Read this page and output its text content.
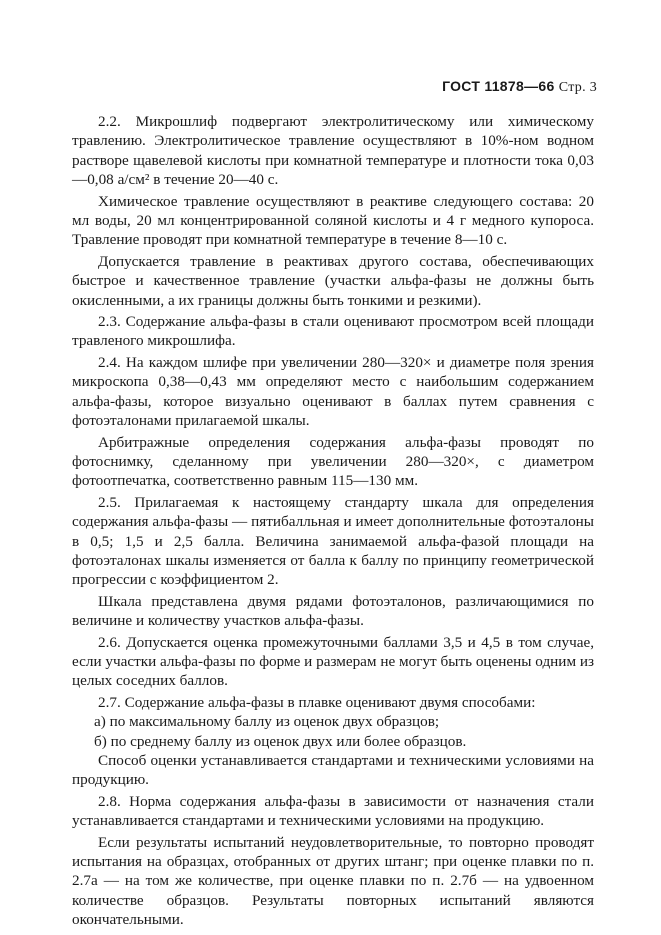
ГОСТ 11878—66 Стр. 3

2.2. Микрошлиф подвергают электролитическому или химическому травлению. Электролитическое травление осуществляют в 10%-ном водном растворе щавелевой кислоты при комнатной температуре и плотности тока 0,03—0,08 а/см² в течение 20—40 с.

Химическое травление осуществляют в реактиве следующего состава: 20 мл воды, 20 мл концентрированной соляной кислоты и 4 г медного купороса. Травление проводят при комнатной температуре в течение 8—10 с.

Допускается травление в реактивах другого состава, обеспечивающих быстрое и качественное травление (участки альфа-фазы не должны быть окисленными, а их границы должны быть тонкими и резкими).

2.3. Содержание альфа-фазы в стали оценивают просмотром всей площади травленого микрошлифа.

2.4. На каждом шлифе при увеличении 280—320× и диаметре поля зрения микроскопа 0,38—0,43 мм определяют место с наибольшим содержанием альфа-фазы, которое визуально оценивают в баллах путем сравнения с фотоэталонами прилагаемой шкалы.

Арбитражные определения содержания альфа-фазы проводят по фотоснимку, сделанному при увеличении 280—320×, с диаметром фотоотпечатка, соответственно равным 115—130 мм.

2.5. Прилагаемая к настоящему стандарту шкала для определения содержания альфа-фазы — пятибалльная и имеет дополнительные фотоэталоны в 0,5; 1,5 и 2,5 балла. Величина занимаемой альфа-фазой площади на фотоэталонах шкалы изменяется от балла к баллу по принципу геометрической прогрессии с коэффициентом 2.

Шкала представлена двумя рядами фотоэталонов, различающимися по величине и количеству участков альфа-фазы.

2.6. Допускается оценка промежуточными баллами 3,5 и 4,5 в том случае, если участки альфа-фазы по форме и размерам не могут быть оценены одним из целых соседних баллов.

2.7. Содержание альфа-фазы в плавке оценивают двумя способами:

а) по максимальному баллу из оценок двух образцов;

б) по среднему баллу из оценок двух или более образцов.

Способ оценки устанавливается стандартами и техническими условиями на продукцию.

2.8. Норма содержания альфа-фазы в зависимости от назначения стали устанавливается стандартами и техническими условиями на продукцию.

Если результаты испытаний неудовлетворительные, то повторно проводят испытания на образцах, отобранных от других штанг; при оценке плавки по п. 2.7а — на том же количестве, при оценке плавки по п. 2.7б — на удвоенном количестве образцов. Результаты повторных испытаний являются окончательными.
